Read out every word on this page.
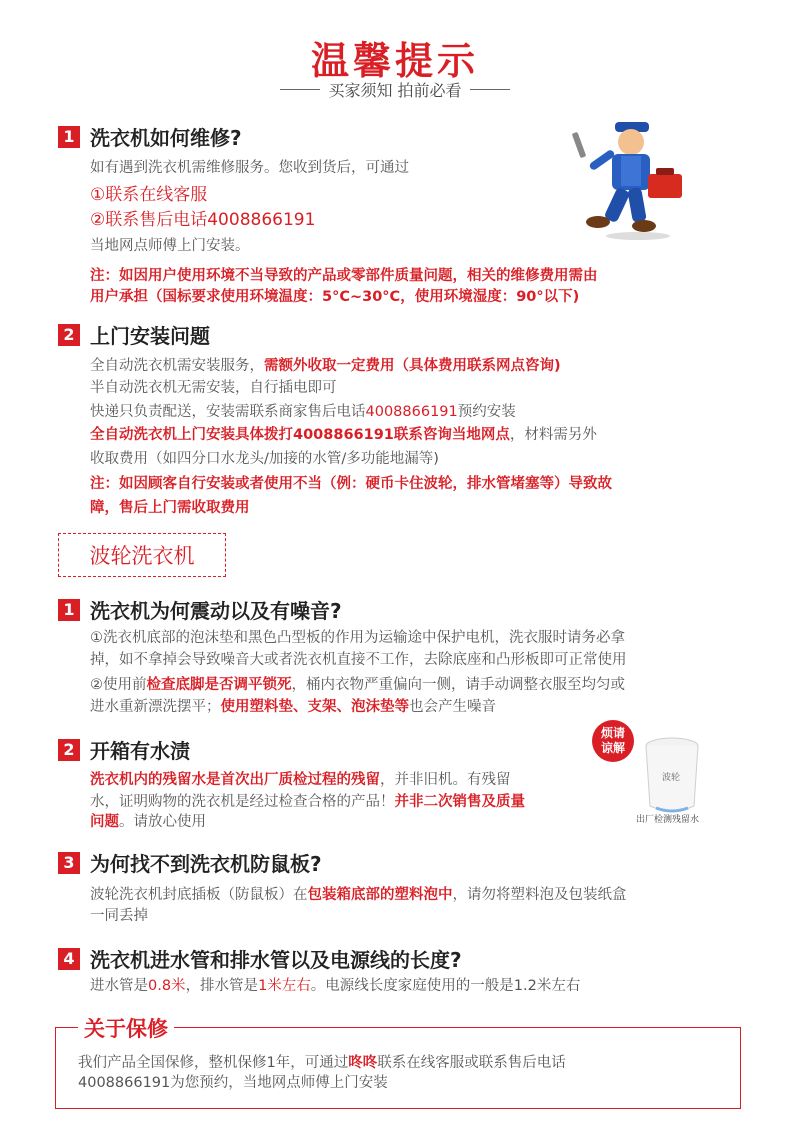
温馨提示
买家须知 拍前必看
1 洗衣机如何维修?
如有遇到洗衣机需维修服务。您收到货后，可通过
①联系在线客服
②联系售后电话4008866191
当地网点师傅上门安装。
注：如因用户使用环境不当导致的产品或零部件质量问题，相关的维修费用需由
用户承担（国标要求使用环境温度：5°C~30°C，使用环境湿度：90°以下)
2 上门安装问题
全自动洗衣机需安装服务，需额外收取一定费用（具体费用联系网点咨询)
半自动洗衣机无需安装，自行插电即可
快递只负责配送，安装需联系商家售后电话4008866191预约安装
全自动洗衣机上门安装具体拨打4008866191联系咨询当地网点，材料需另外
收取费用（如四分口水龙头/加接的水管/多功能地漏等)
注：如因顾客自行安装或者使用不当（例：硬币卡住波轮，排水管堵塞等）导致故
障，售后上门需收取费用
波轮洗衣机
1 洗衣机为何震动以及有噪音?
①洗衣机底部的泡沫垫和黑色凸型板的作用为运输途中保护电机，洗衣服时请务必拿
掉，如不拿掉会导致噪音大或者洗衣机直接不工作，去除底座和凸形板即可正常使用
②使用前检查底脚是否调平锁死，桶内衣物严重偏向一侧，请手动调整衣服至均匀或
进水重新漂洗摆平；使用塑料垫、支架、泡沫垫等也会产生噪音
2 开箱有水渍
洗衣机内的残留水是首次出厂质检过程的残留，并非旧机。有残留
水，证明购物的洗衣机是经过检查合格的产品！并非二次销售及质量
问题。请放心使用
烦请
谅解
波轮
出厂检测残留水
3 为何找不到洗衣机防鼠板?
波轮洗衣机封底插板（防鼠板）在包装箱底部的塑料泡中，请勿将塑料泡及包装纸盒
一同丢掉
4 洗衣机进水管和排水管以及电源线的长度?
进水管是0.8米，排水管是1米左右。电源线长度家庭使用的一般是1.2米左右
关于保修
我们产品全国保修，整机保修1年，可通过咚咚联系在线客服或联系售后电话
4008866191为您预约，当地网点师傅上门安装
